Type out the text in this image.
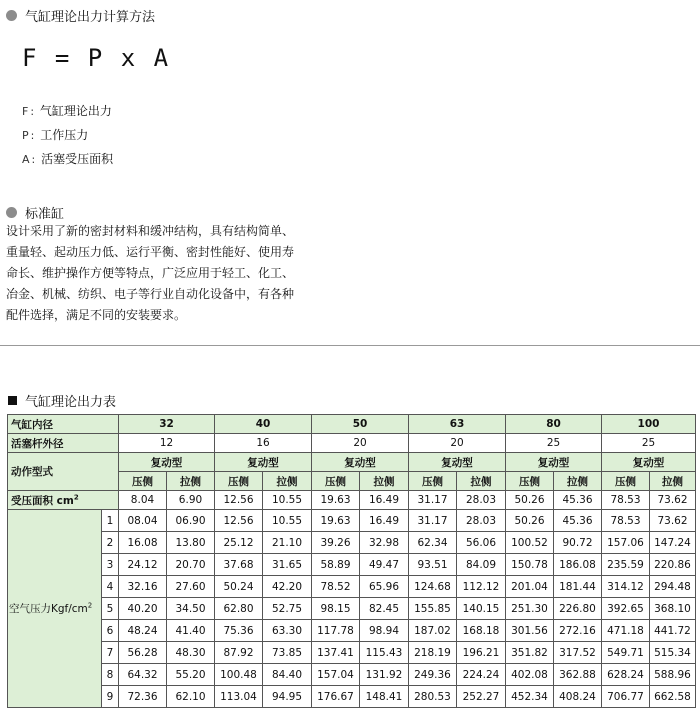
气缸理论出力计算方法
F = P x A
F : 气缸理论出力
P : 工作压力
A : 活塞受压面积
标准缸
设计采用了新的密封材料和缓冲结构，具有结构简单、重量轻、起动压力低、运行平衡、密封性能好、使用寿命长、维护操作方便等特点，广泛应用于轻工、化工、冶金、机械、纺织、电子等行业自动化设备中，有各种配件选择，满足不同的安装要求。
气缸理论出力表
气缸内径		32		40		50		63		80		100	
活塞杆外径		12		16		20		20		25		25	
动作型式		复动型		复动型		复动型		复动型		复动型		复动型	
		压侧	拉侧	压侧	拉侧	压侧	拉侧	压侧	拉侧	压侧	拉侧	压侧	拉侧
受压面积 $cm^2$		8.04	6.90	12.56	10.55	19.63	16.49	31.17	28.03	50.26	45.36	78.53	73.62
空气压力Kgf/$cm^2$	1	08.04	06.90	12.56	10.55	19.63	16.49	31.17	28.03	50.26	45.36	78.53	73.62
	2	16.08	13.80	25.12	21.10	39.26	32.98	62.34	56.06	100.52	90.72	157.06	147.24
	3	24.12	20.70	37.68	31.65	58.89	49.47	93.51	84.09	150.78	186.08	235.59	220.86
	4	32.16	27.60	50.24	42.20	78.52	65.96	124.68	112.12	201.04	181.44	314.12	294.48
	5	40.20	34.50	62.80	52.75	98.15	82.45	155.85	140.15	251.30	226.80	392.65	368.10
	6	48.24	41.40	75.36	63.30	117.78	98.94	187.02	168.18	301.56	272.16	471.18	441.72
	7	56.28	48.30	87.92	73.85	137.41	115.43	218.19	196.21	351.82	317.52	549.71	515.34
	8	64.32	55.20	100.48	84.40	157.04	131.92	249.36	224.24	402.08	362.88	628.24	588.96
	9	72.36	62.10	113.04	94.95	176.67	148.41	280.53	252.27	452.34	408.24	706.77	662.58
